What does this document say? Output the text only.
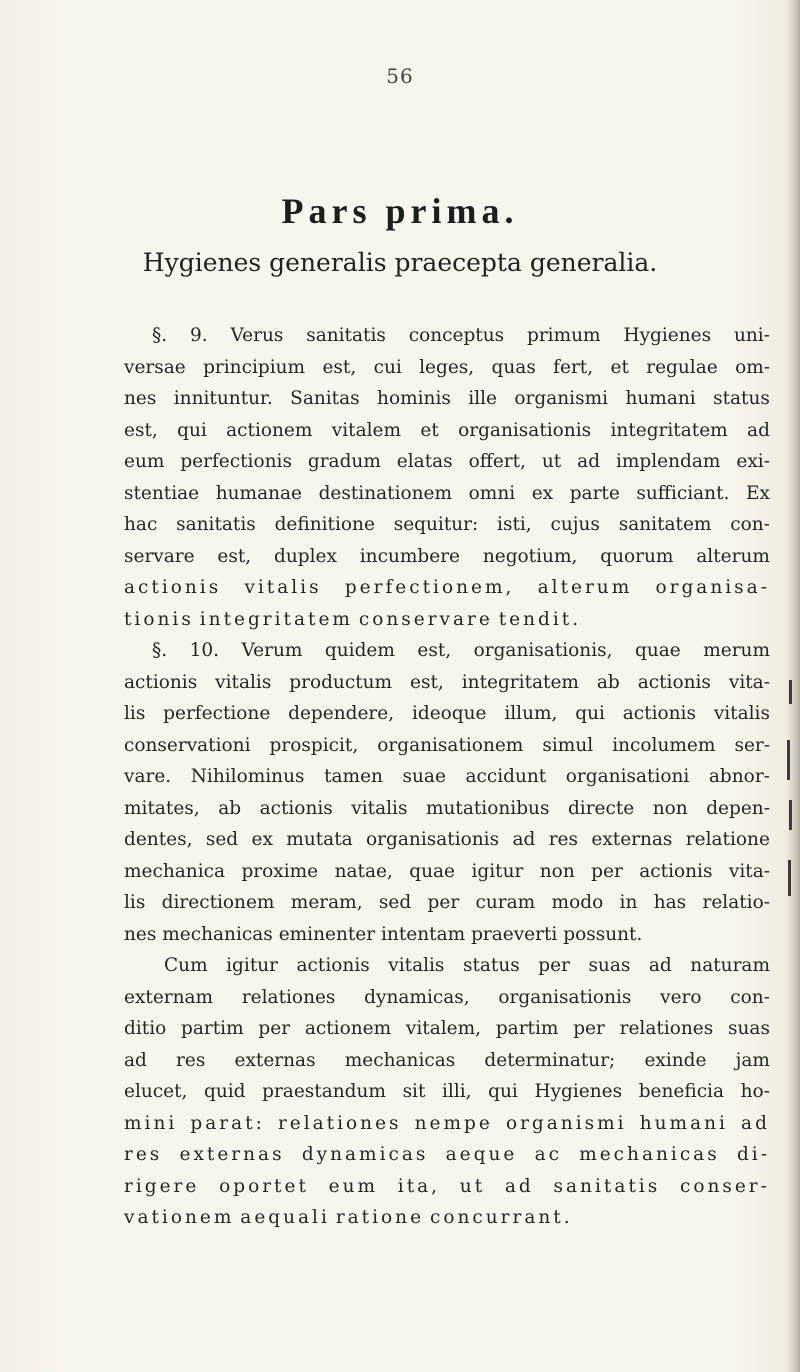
56
Pars prima.
Hygienes generalis praecepta generalia.
§. 9. Verus sanitatis conceptus primum Hygienes uni-
versae principium est, cui leges, quas fert, et regulae om-
nes innituntur. Sanitas hominis ille organismi humani status
est, qui actionem vitalem et organisationis integritatem ad
eum perfectionis gradum elatas offert, ut ad implendam exi-
stentiae humanae destinationem omni ex parte sufficiant. Ex
hac sanitatis definitione sequitur: isti, cujus sanitatem con-
servare est, duplex incumbere negotium, quorum alterum
actionis vitalis perfectionem, alterum organisa-
tionis integritatem conservare tendit.
§. 10. Verum quidem est, organisationis, quae merum
actionis vitalis productum est, integritatem ab actionis vita-
lis perfectione dependere, ideoque illum, qui actionis vitalis
conservationi prospicit, organisationem simul incolumem ser-
vare. Nihilominus tamen suae accidunt organisationi abnor-
mitates, ab actionis vitalis mutationibus directe non depen-
dentes, sed ex mutata organisationis ad res externas relatione
mechanica proxime natae, quae igitur non per actionis vita-
lis directionem meram, sed per curam modo in has relatio-
nes mechanicas eminenter intentam praeverti possunt.
Cum igitur actionis vitalis status per suas ad naturam
externam relationes dynamicas, organisationis vero con-
ditio partim per actionem vitalem, partim per relationes suas
ad res externas mechanicas determinatur; exinde jam
elucet, quid praestandum sit illi, qui Hygienes beneficia ho-
mini parat: relationes nempe organismi humani ad
res externas dynamicas aeque ac mechanicas di-
rigere oportet eum ita, ut ad sanitatis conser-
vationem aequali ratione concurrant.
